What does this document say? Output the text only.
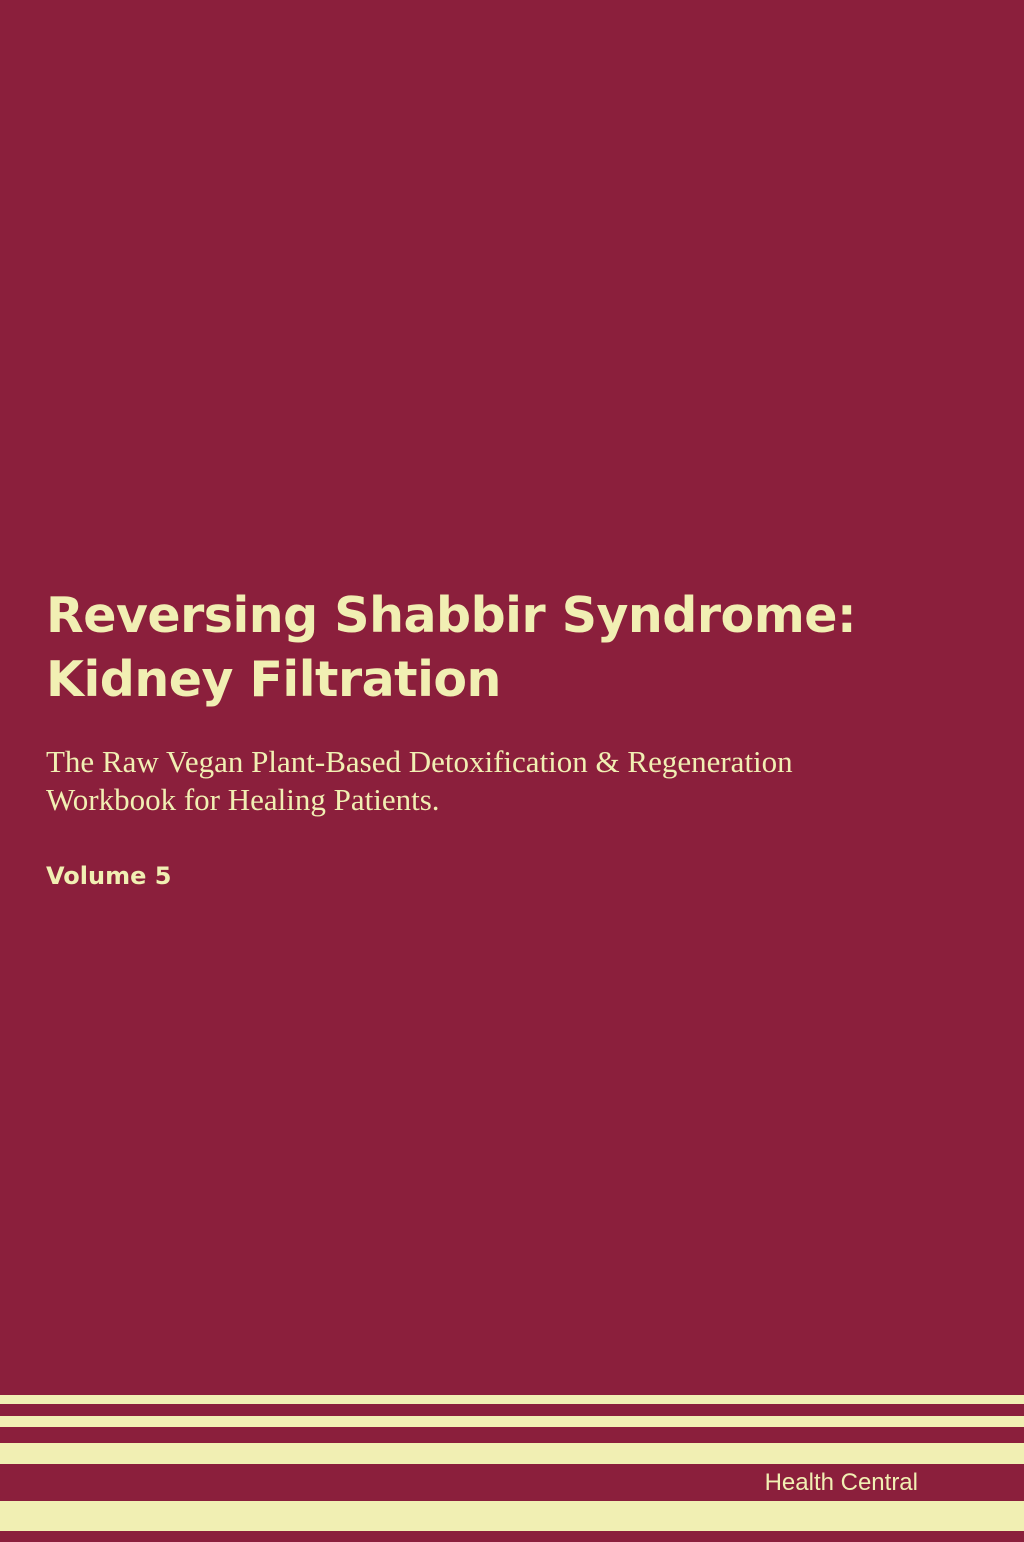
Reversing Shabbir Syndrome:
Kidney Filtration

The Raw Vegan Plant-Based Detoxification & Regeneration
Workbook for Healing Patients.

Volume 5
Health Central
